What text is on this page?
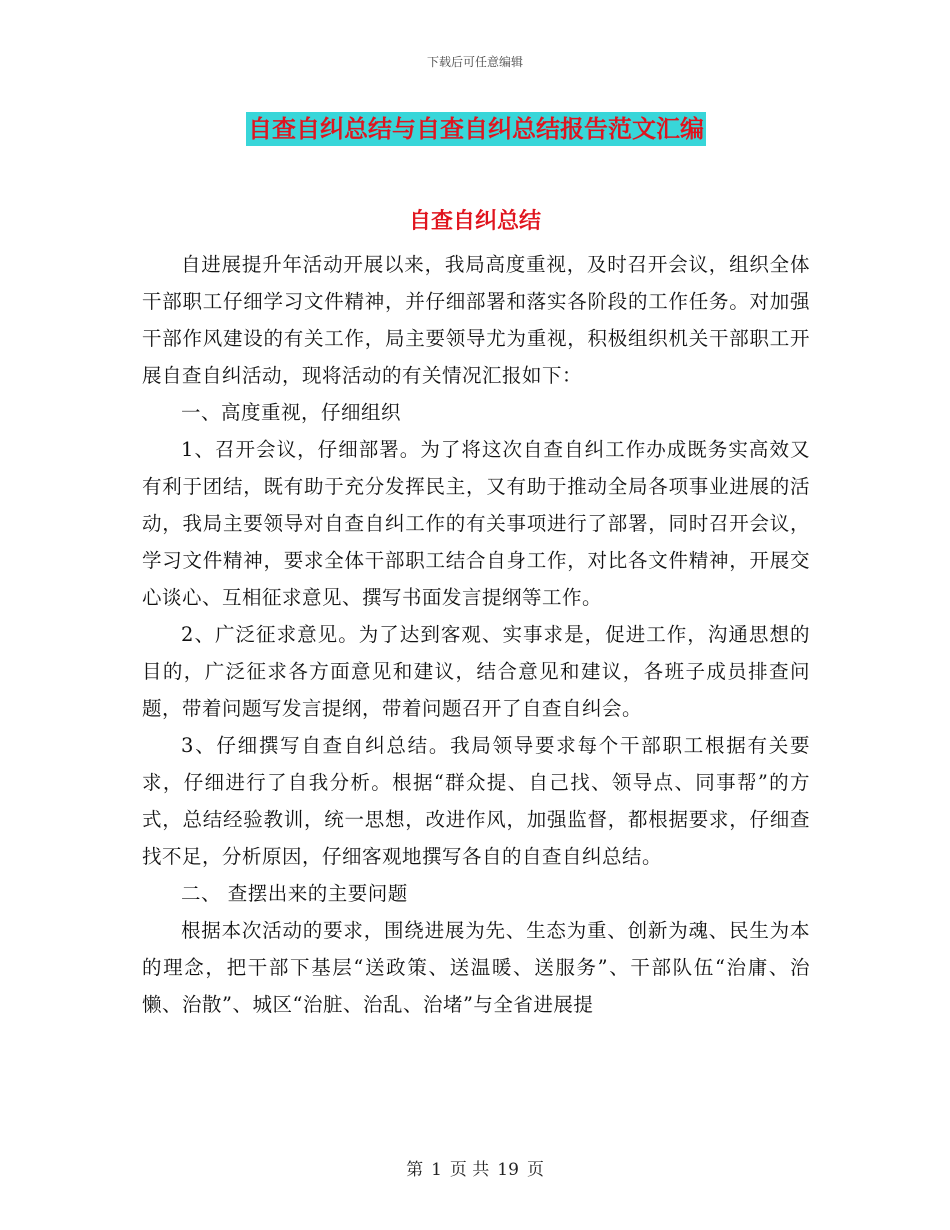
下载后可任意编辑
自查自纠总结与自查自纠总结报告范文汇编
自查自纠总结

自进展提升年活动开展以来，我局高度重视，及时召开会议，组织全体干部职工仔细学习文件精神，并仔细部署和落实各阶段的工作任务。对加强干部作风建设的有关工作，局主要领导尤为重视，积极组织机关干部职工开展自查自纠活动，现将活动的有关情况汇报如下：

一、高度重视，仔细组织

1、召开会议，仔细部署。为了将这次自查自纠工作办成既务实高效又有利于团结，既有助于充分发挥民主，又有助于推动全局各项事业进展的活动，我局主要领导对自查自纠工作的有关事项进行了部署，同时召开会议，学习文件精神，要求全体干部职工结合自身工作，对比各文件精神，开展交心谈心、互相征求意见、撰写书面发言提纲等工作。

2、广泛征求意见。为了达到客观、实事求是，促进工作，沟通思想的目的，广泛征求各方面意见和建议，结合意见和建议，各班子成员排查问题，带着问题写发言提纲，带着问题召开了自查自纠会。

3、仔细撰写自查自纠总结。我局领导要求每个干部职工根据有关要求，仔细进行了自我分析。根据“群众提、自己找、领导点、同事帮”的方式，总结经验教训，统一思想，改进作风，加强监督，都根据要求，仔细查找不足，分析原因，仔细客观地撰写各自的自查自纠总结。

二、 查摆出来的主要问题

根据本次活动的要求，围绕进展为先、生态为重、创新为魂、民生为本的理念，把干部下基层“送政策、送温暖、送服务”、干部队伍“治庸、治懒、治散”、城区“治脏、治乱、治堵”与全省进展提

第 1 页 共 19 页
